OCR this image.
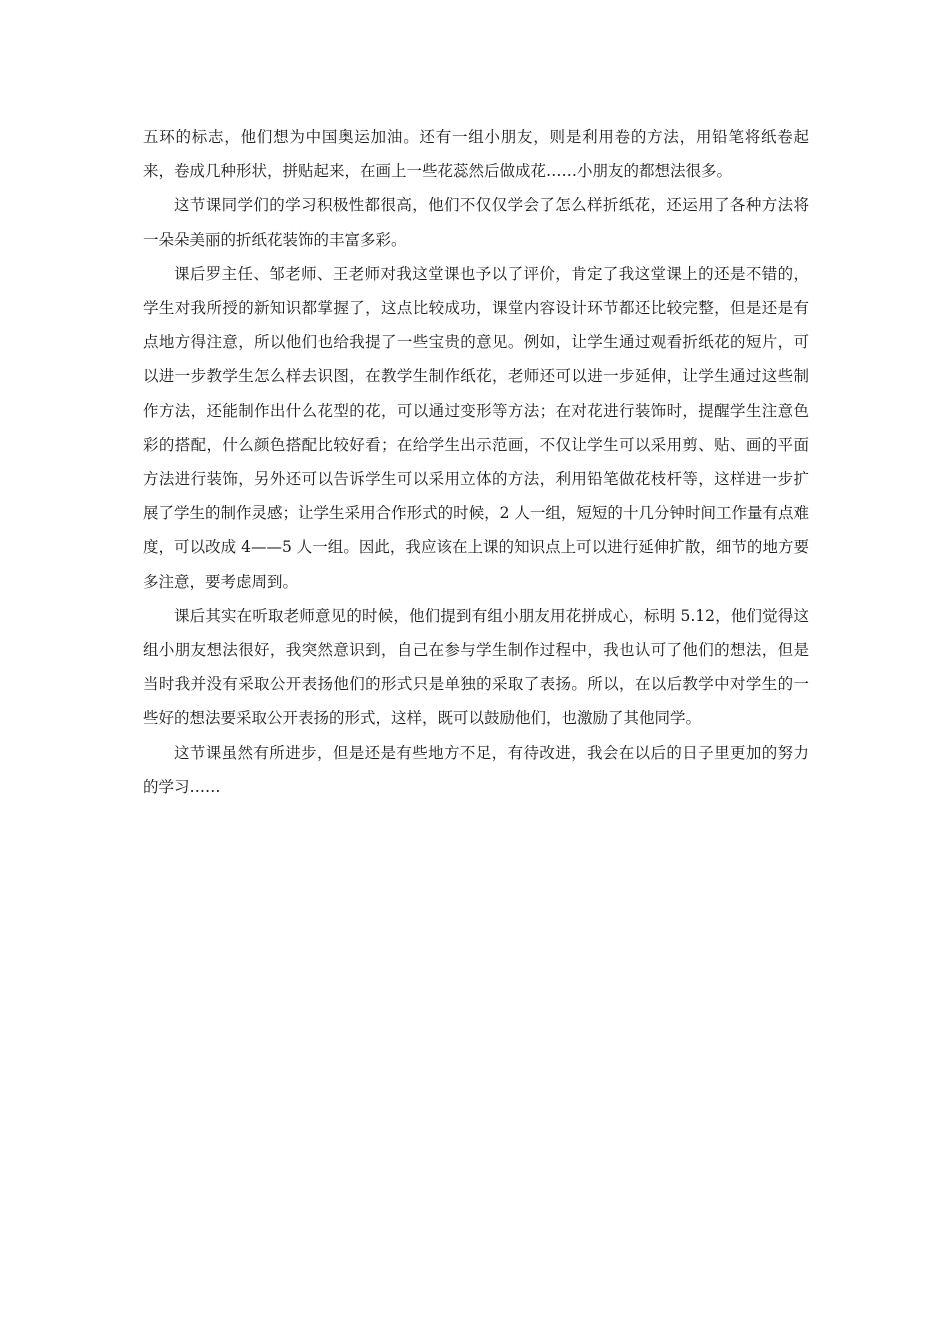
五环的标志，他们想为中国奥运加油。还有一组小朋友，则是利用卷的方法，用铅笔将纸卷起来，卷成几种形状，拼贴起来，在画上一些花蕊然后做成花……小朋友的都想法很多。

这节课同学们的学习积极性都很高，他们不仅仅学会了怎么样折纸花，还运用了各种方法将一朵朵美丽的折纸花装饰的丰富多彩。

课后罗主任、邹老师、王老师对我这堂课也予以了评价，肯定了我这堂课上的还是不错的，学生对我所授的新知识都掌握了，这点比较成功，课堂内容设计环节都还比较完整，但是还是有点地方得注意，所以他们也给我提了一些宝贵的意见。例如，让学生通过观看折纸花的短片，可以进一步教学生怎么样去识图，在教学生制作纸花，老师还可以进一步延伸，让学生通过这些制作方法，还能制作出什么花型的花，可以通过变形等方法；在对花进行装饰时，提醒学生注意色彩的搭配，什么颜色搭配比较好看；在给学生出示范画，不仅让学生可以采用剪、贴、画的平面方法进行装饰，另外还可以告诉学生可以采用立体的方法，利用铅笔做花枝杆等，这样进一步扩展了学生的制作灵感；让学生采用合作形式的时候，2 人一组，短短的十几分钟时间工作量有点难度，可以改成 4——5 人一组。因此，我应该在上课的知识点上可以进行延伸扩散，细节的地方要多注意，要考虑周到。

课后其实在听取老师意见的时候，他们提到有组小朋友用花拼成心，标明 5.12，他们觉得这组小朋友想法很好，我突然意识到，自己在参与学生制作过程中，我也认可了他们的想法，但是当时我并没有采取公开表扬他们的形式只是单独的采取了表扬。所以，在以后教学中对学生的一些好的想法要采取公开表扬的形式，这样，既可以鼓励他们，也激励了其他同学。

这节课虽然有所进步，但是还是有些地方不足，有待改进，我会在以后的日子里更加的努力的学习……
